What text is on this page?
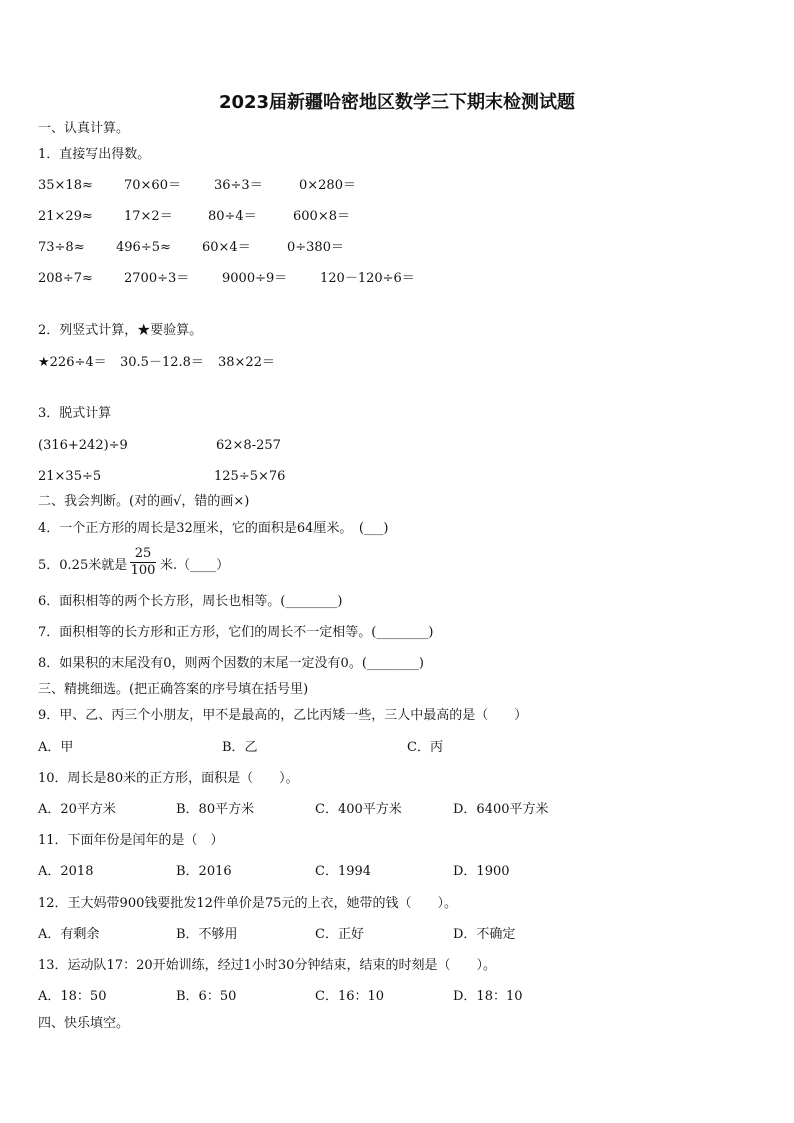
2023届新疆哈密地区数学三下期末检测试题
一、认真计算。
1．直接写出得数。
35×18≈ 70×60＝	36÷3＝	0×280＝
21×29≈ 17×2＝	80÷4＝	600×8＝
73÷8≈ 496÷5≈ 60×4＝	0÷380＝
208÷7≈ 2700÷3＝	9000÷9＝	120－120÷6＝
2．列竖式计算，★要验算。
★226÷4＝ 30.5－12.8＝ 38×22＝
3．脱式计算
(316+242)÷9	62×8-257
21×35÷5	125÷5×76
二、我会判断。(对的画√，错的画×)
4．一个正方形的周长是32厘米，它的面积是64厘米。　(___)
5．0.25米就是
25
100 米.（____）
6．面积相等的两个长方形，周长也相等。(________)
7．面积相等的长方形和正方形，它们的周长不一定相等。(________)
8．如果积的末尾没有0，则两个因数的末尾一定没有0。(________)
三、精挑细选。(把正确答案的序号填在括号里)
9．甲、乙、丙三个小朋友，甲不是最高的，乙比丙矮一些，三人中最高的是（　　）
A．甲	B．乙	C．丙
10．周长是80米的正方形，面积是（　　）。
A．20平方米	B．80平方米	C．400平方米	D．6400平方米
11．下面年份是闰年的是（　）
A．2018	B．2016	C．1994	D．1900
12．王大妈带900钱要批发12件单价是75元的上衣，她带的钱（　　）。
A．有剩余	B．不够用	C．正好	D．不确定
13．运动队17：20开始训练，经过1小时30分钟结束，结束的时刻是（　　）。
A．18：50	B．6：50	C．16：10	D．18：10
四、快乐填空。
